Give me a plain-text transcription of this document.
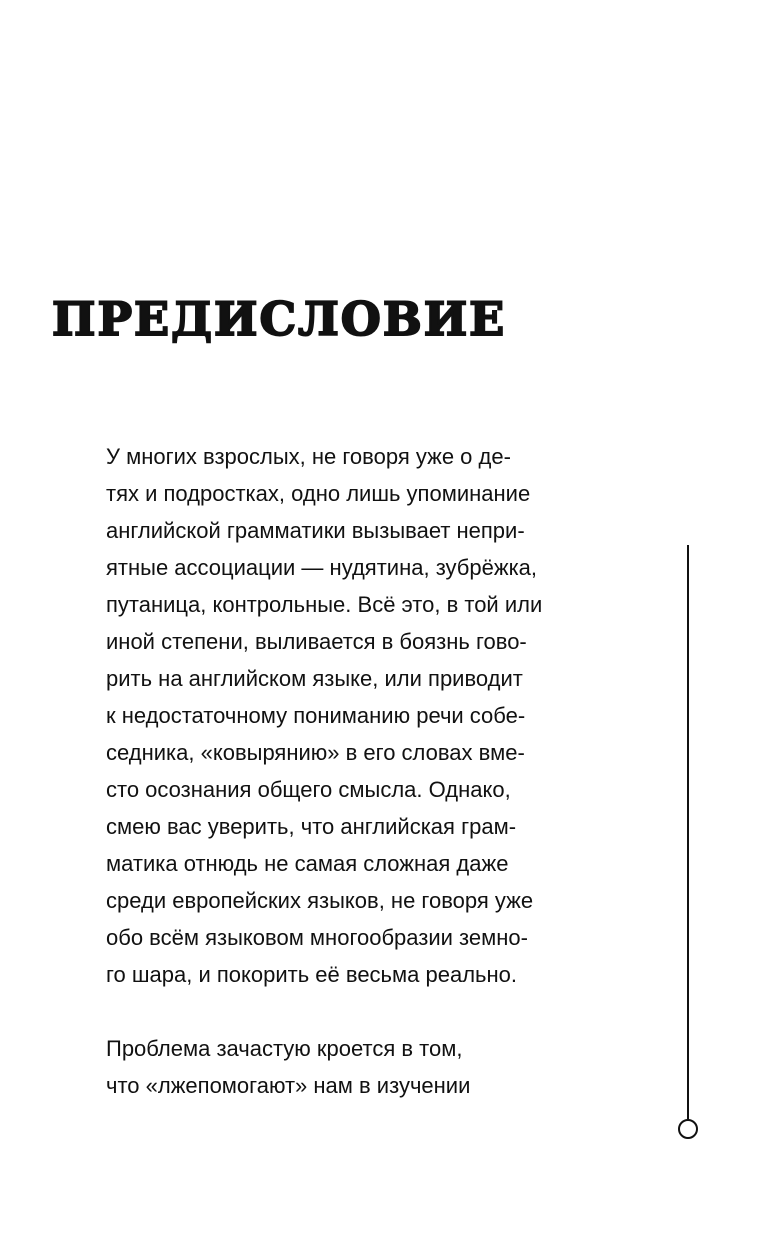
ПРЕДИСЛОВИЕ

У многих взрослых, не говоря уже о де-
тях и подростках, одно лишь упоминание
английской грамматики вызывает непри-
ятные ассоциации — нудятина, зубрёжка,
путаница, контрольные. Всё это, в той или
иной степени, выливается в боязнь гово-
рить на английском языке, или приводит
к недостаточному пониманию речи собе-
седника, «ковырянию» в его словах вме-
сто осознания общего смысла. Однако,
смею вас уверить, что английская грам-
матика отнюдь не самая сложная даже
среди европейских языков, не говоря уже
обо всём языковом многообразии земно-
го шара, и покорить её весьма реально.

Проблема зачастую кроется в том,
что «лжепомогают» нам в изучении
